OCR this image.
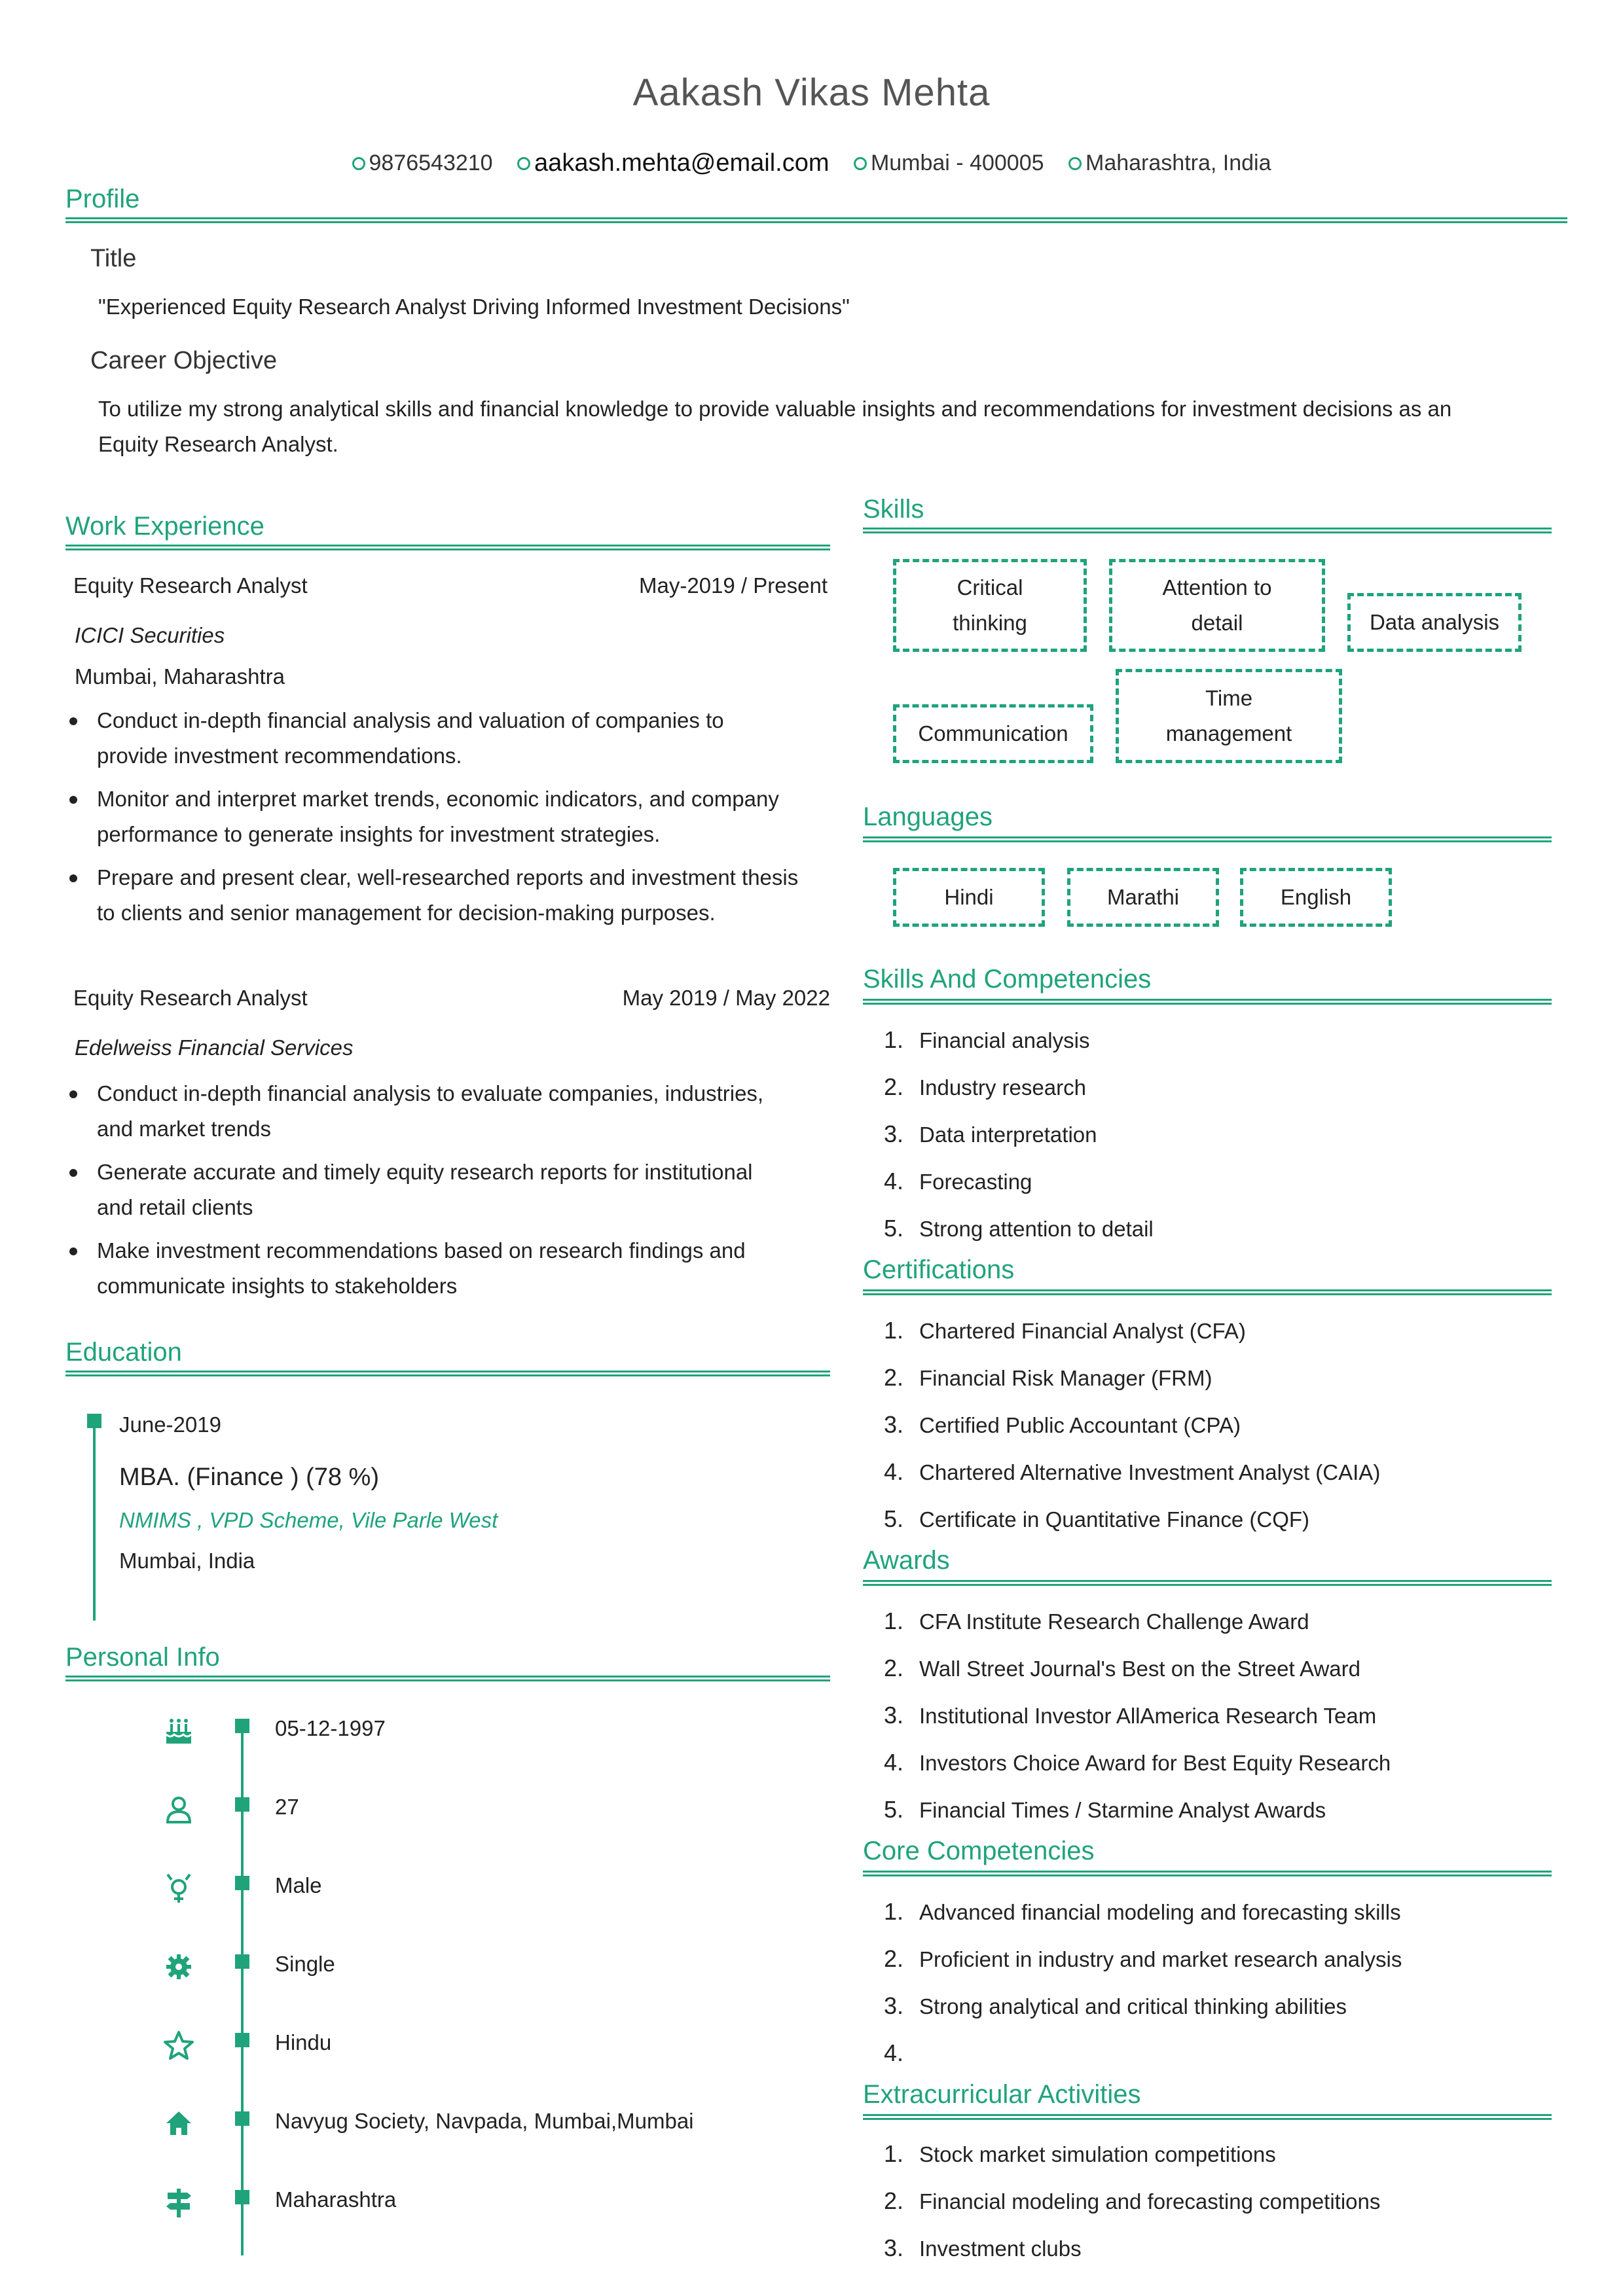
Aakash Vikas Mehta
9876543210
aakash.mehta@email.com
Mumbai - 400005
Maharashtra, India
Profile
Title
"Experienced Equity Research Analyst Driving Informed Investment Decisions"
Career Objective
To utilize my strong analytical skills and financial knowledge to provide valuable insights and recommendations for investment decisions as an
Equity Research Analyst.
Work Experience
Equity Research Analyst	May-2019 / Present
ICICI Securities
Mumbai, Maharashtra
Conduct in-depth financial analysis and valuation of companies to
provide investment recommendations.
Monitor and interpret market trends, economic indicators, and company
performance to generate insights for investment strategies.
Prepare and present clear, well-researched reports and investment thesis
to clients and senior management for decision-making purposes.
Equity Research Analyst	May 2019 / May 2022
Edelweiss Financial Services
Conduct in-depth financial analysis to evaluate companies, industries,
and market trends
Generate accurate and timely equity research reports for institutional
and retail clients
Make investment recommendations based on research findings and
communicate insights to stakeholders
Education
June-2019
MBA. (Finance ) (78 %)
NMIMS , VPD Scheme, Vile Parle West
Mumbai, India
Personal Info
05-12-1997
27
Male
Single
Hindu
Navyug Society, Navpada, Mumbai,Mumbai
Maharashtra
Skills
Critical
thinking
Attention to
detail	Data analysis
Communication
Time
management
Languages
Hindi	Marathi	English
Skills And Competencies
1. Financial analysis
2. Industry research
3. Data interpretation
4. Forecasting
5. Strong attention to detail
Certifications
1. Chartered Financial Analyst (CFA)
2. Financial Risk Manager (FRM)
3. Certified Public Accountant (CPA)
4. Chartered Alternative Investment Analyst (CAIA)
5. Certificate in Quantitative Finance (CQF)
Awards
1. CFA Institute Research Challenge Award
2. Wall Street Journal's Best on the Street Award
3. Institutional Investor AllAmerica Research Team
4. Investors Choice Award for Best Equity Research
5. Financial Times / Starmine Analyst Awards
Core Competencies
1. Advanced financial modeling and forecasting skills
2. Proficient in industry and market research analysis
3. Strong analytical and critical thinking abilities
4.
Extracurricular Activities
1. Stock market simulation competitions
2. Financial modeling and forecasting competitions
3. Investment clubs
